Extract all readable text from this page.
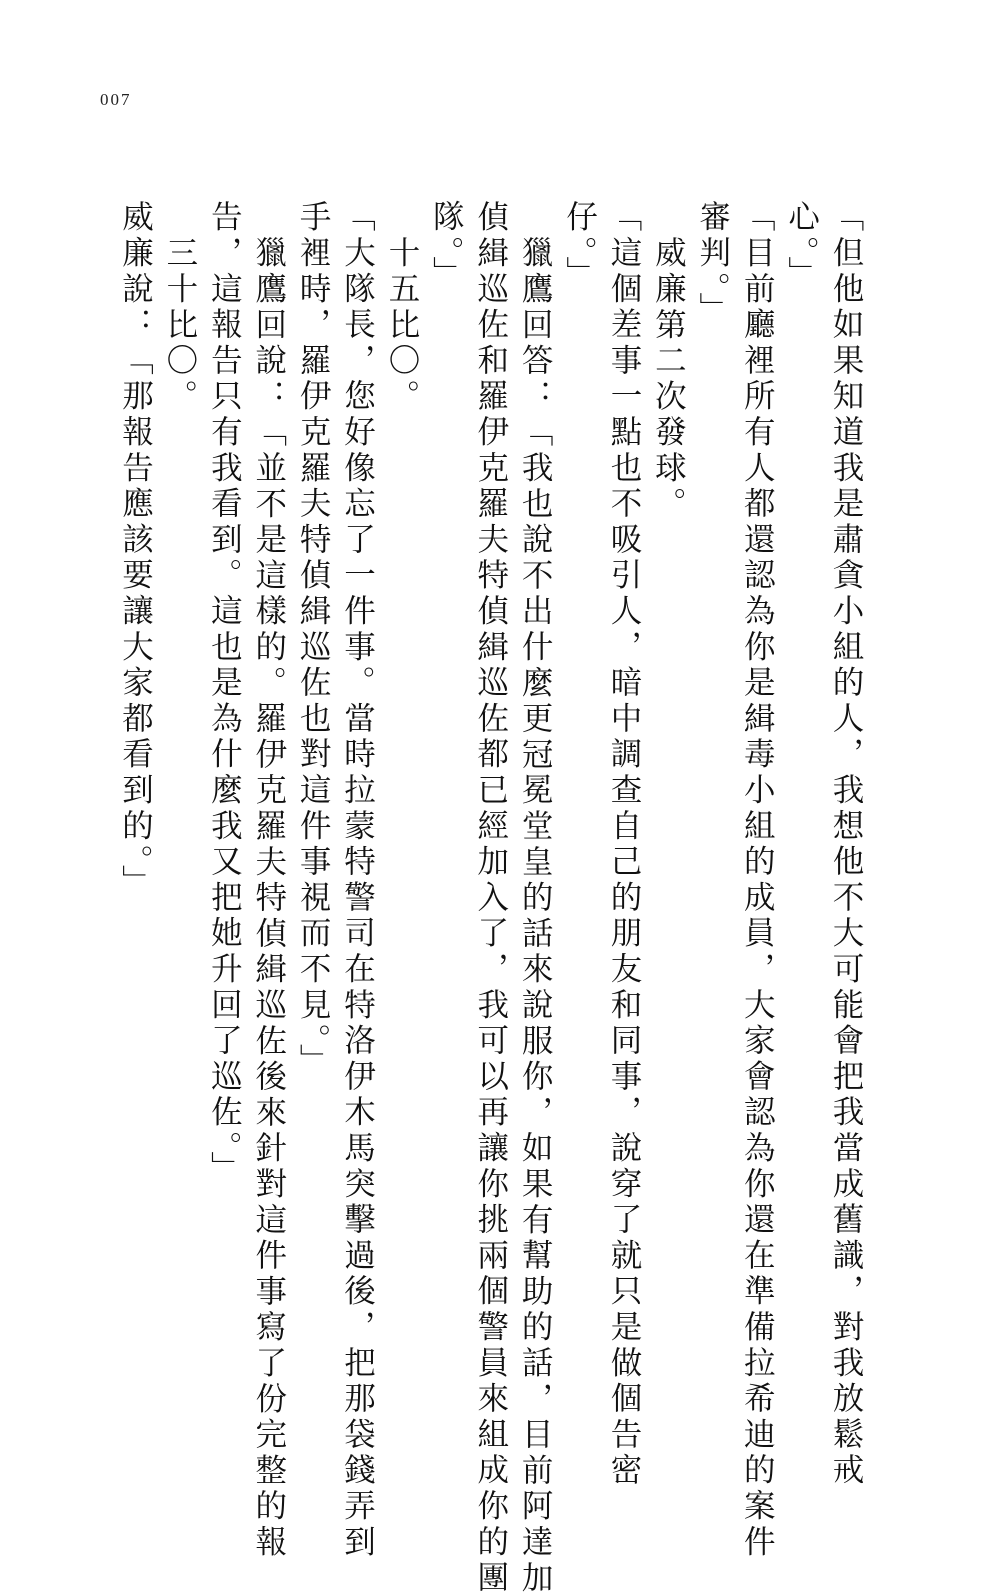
007

「但他如果知道我是肅貪小組的人，我想他不大可能會把我當成舊識，對我放鬆戒

心。」

「目前廳裡所有人都還認為你是緝毒小組的成員，大家會認為你還在準備拉希迪的案件

審判。」

威廉第二次發球。

「這個差事一點也不吸引人，暗中調查自己的朋友和同事，說穿了就只是做個告密

仔。」

獵鷹回答：「我也說不出什麼更冠冕堂皇的話來說服你，如果有幫助的話，目前阿達加

偵緝巡佐和羅伊克羅夫特偵緝巡佐都已經加入了，我可以再讓你挑兩個警員來組成你的團

隊。」

十五比〇。

「大隊長，您好像忘了一件事。當時拉蒙特警司在特洛伊木馬突擊過後，把那袋錢弄到

手裡時，羅伊克羅夫特偵緝巡佐也對這件事視而不見。」

獵鷹回說：「並不是這樣的。羅伊克羅夫特偵緝巡佐後來針對這件事寫了份完整的報

告，這報告只有我看到。這也是為什麼我又把她升回了巡佐。」

三十比〇。

威廉說：「那報告應該要讓大家都看到的。」
